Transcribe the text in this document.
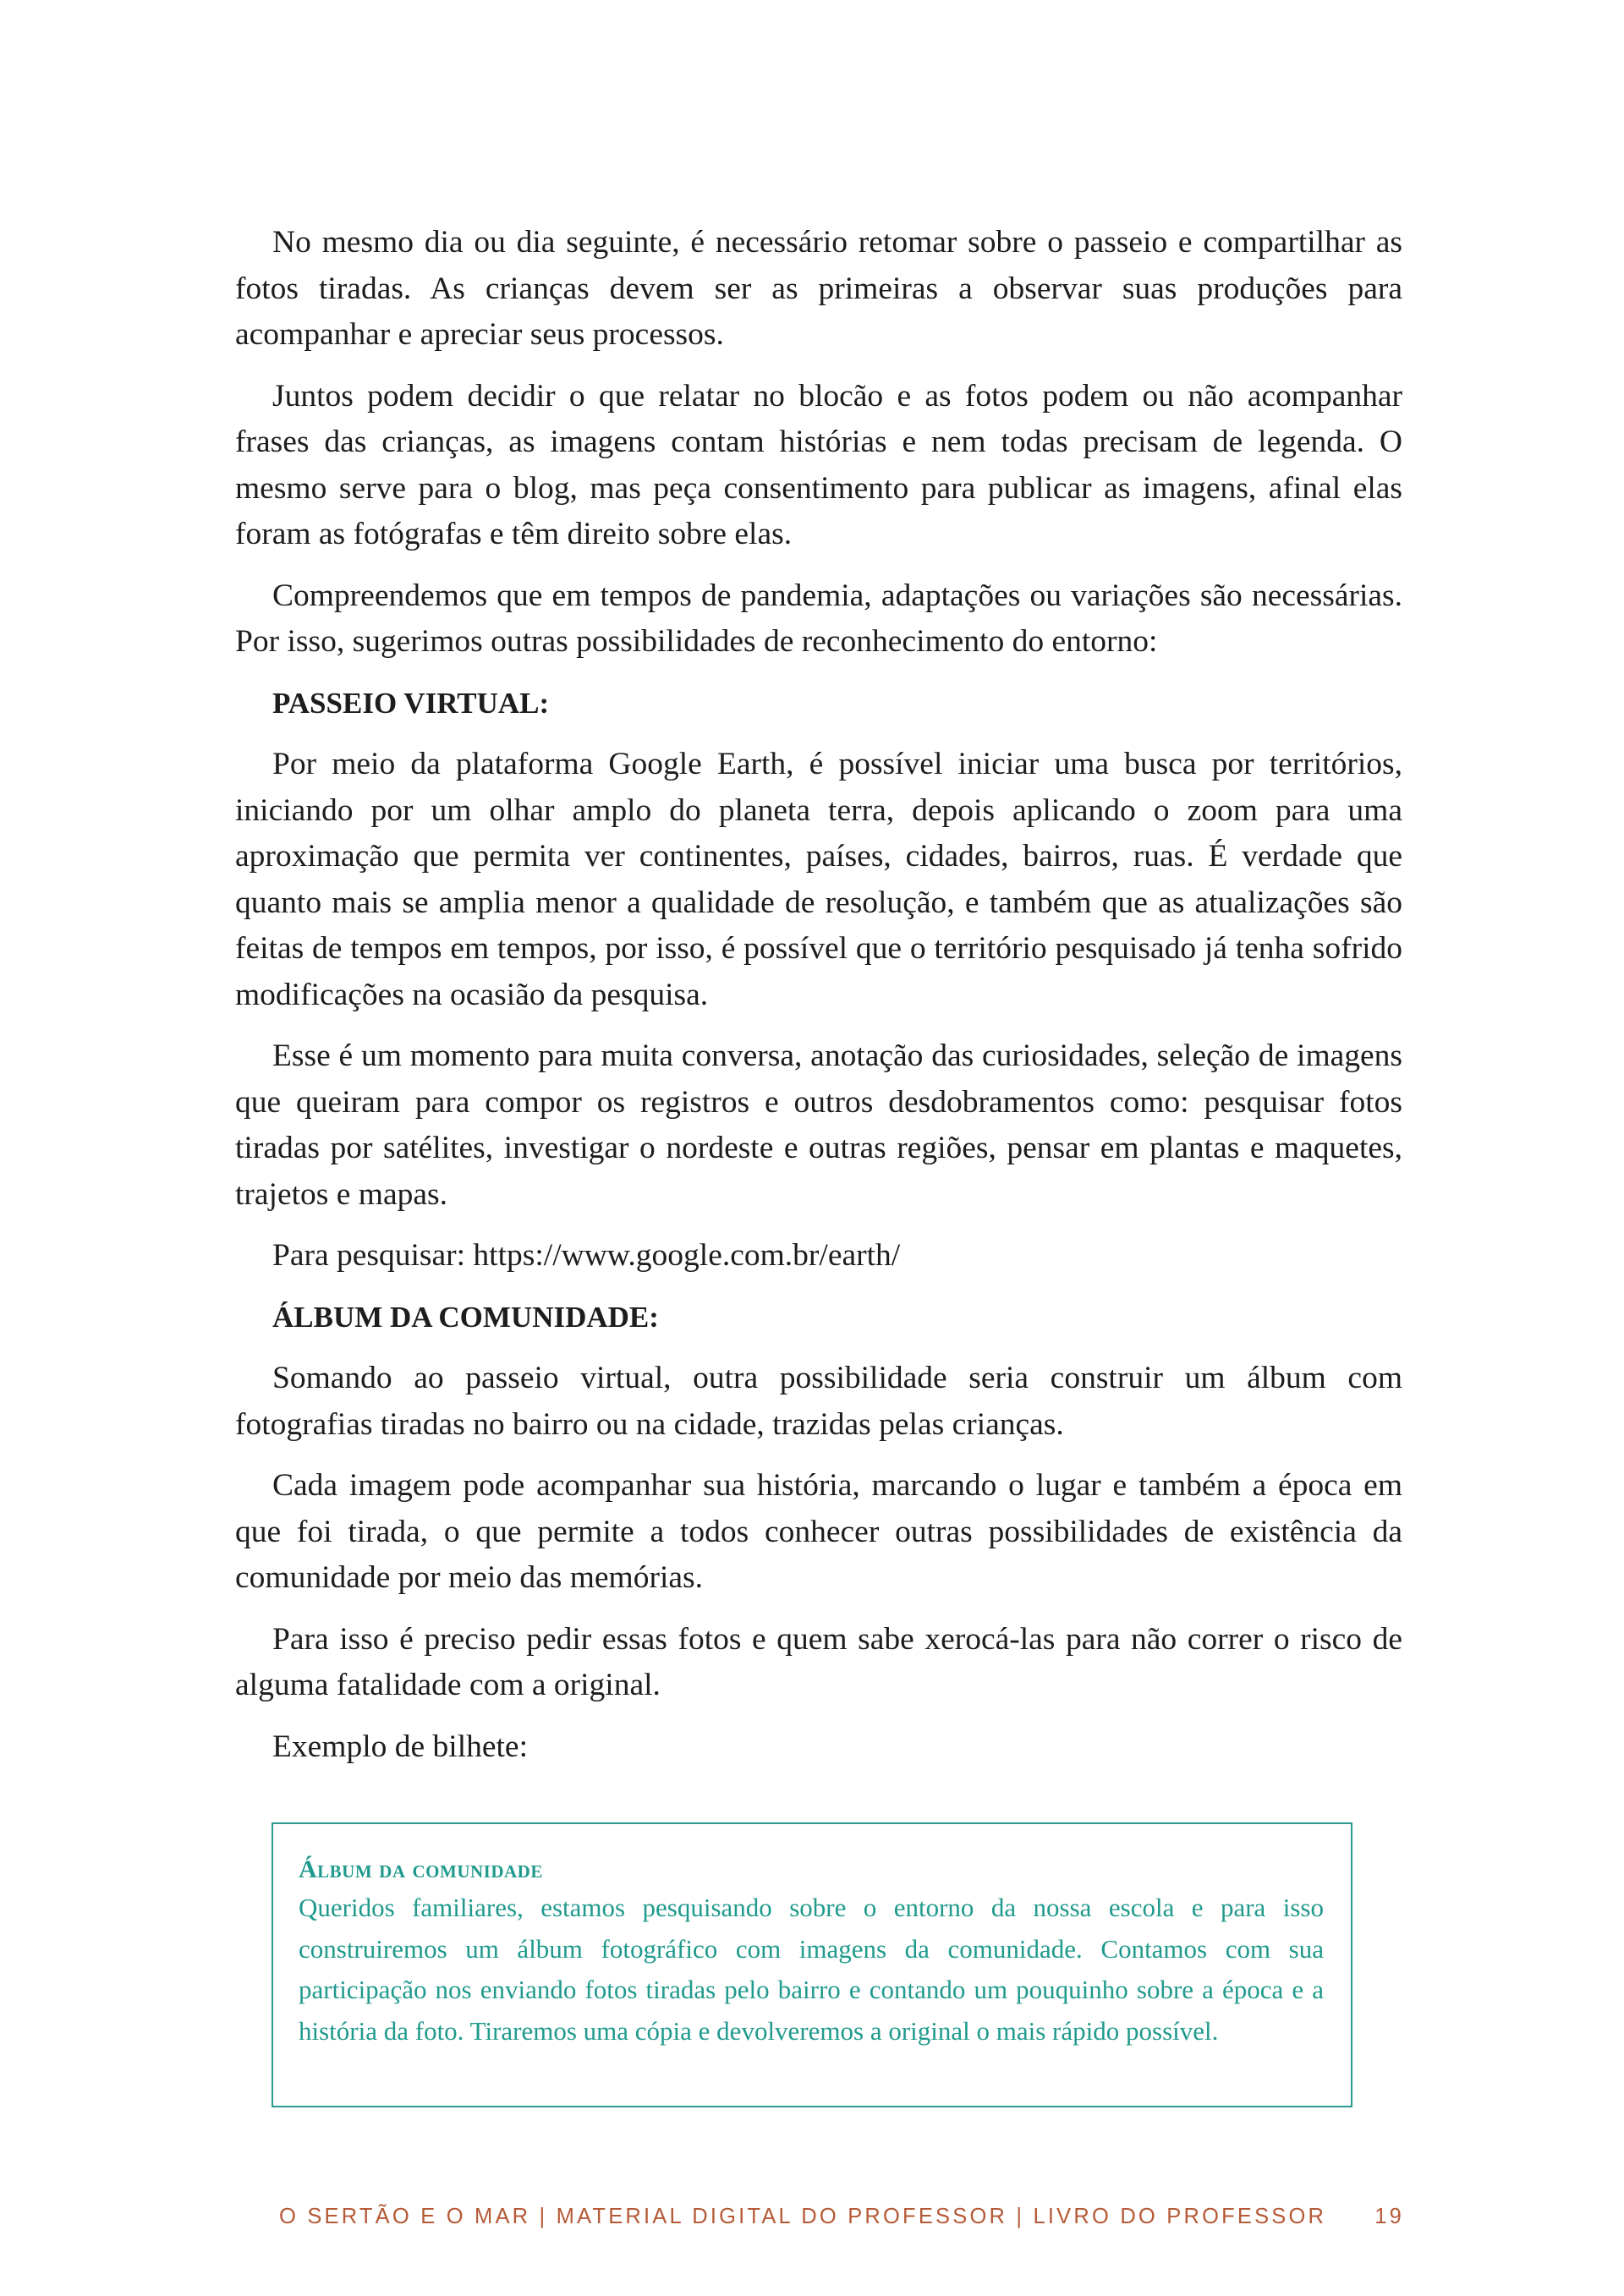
No mesmo dia ou dia seguinte, é necessário retomar sobre o passeio e compartilhar as fotos tiradas. As crianças devem ser as primeiras a observar suas produções para acompanhar e apreciar seus processos.

Juntos podem decidir o que relatar no blocão e as fotos podem ou não acompanhar frases das crianças, as imagens contam histórias e nem todas precisam de legenda. O mesmo serve para o blog, mas peça consentimento para publicar as imagens, afinal elas foram as fotógrafas e têm direito sobre elas.

Compreendemos que em tempos de pandemia, adaptações ou variações são necessárias. Por isso, sugerimos outras possibilidades de reconhecimento do entorno:

PASSEIO VIRTUAL:

Por meio da plataforma Google Earth, é possível iniciar uma busca por territórios, iniciando por um olhar amplo do planeta terra, depois aplicando o zoom para uma aproximação que permita ver continentes, países, cidades, bairros, ruas. É verdade que quanto mais se amplia menor a qualidade de resolução, e também que as atualizações são feitas de tempos em tempos, por isso, é possível que o território pesquisado já tenha sofrido modificações na ocasião da pesquisa.

Esse é um momento para muita conversa, anotação das curiosidades, seleção de imagens que queiram para compor os registros e outros desdobramentos como: pesquisar fotos tiradas por satélites, investigar o nordeste e outras regiões, pensar em plantas e maquetes, trajetos e mapas.

Para pesquisar: https://www.google.com.br/earth/

ÁLBUM DA COMUNIDADE:

Somando ao passeio virtual, outra possibilidade seria construir um álbum com fotografias tiradas no bairro ou na cidade, trazidas pelas crianças.

Cada imagem pode acompanhar sua história, marcando o lugar e também a época em que foi tirada, o que permite a todos conhecer outras possibilidades de existência da comunidade por meio das memórias.

Para isso é preciso pedir essas fotos e quem sabe xerocá-las para não correr o risco de alguma fatalidade com a original.

Exemplo de bilhete:

Álbum da comunidade

Queridos familiares, estamos pesquisando sobre o entorno da nossa escola e para isso construiremos um álbum fotográfico com imagens da comunidade. Contamos com sua participação nos enviando fotos tiradas pelo bairro e contando um pouquinho sobre a época e a história da foto. Tiraremos uma cópia e devolveremos a original o mais rápido possível.

O SERTÃO E O MAR | MATERIAL DIGITAL DO PROFESSOR | LIVRO DO PROFESSOR 19
